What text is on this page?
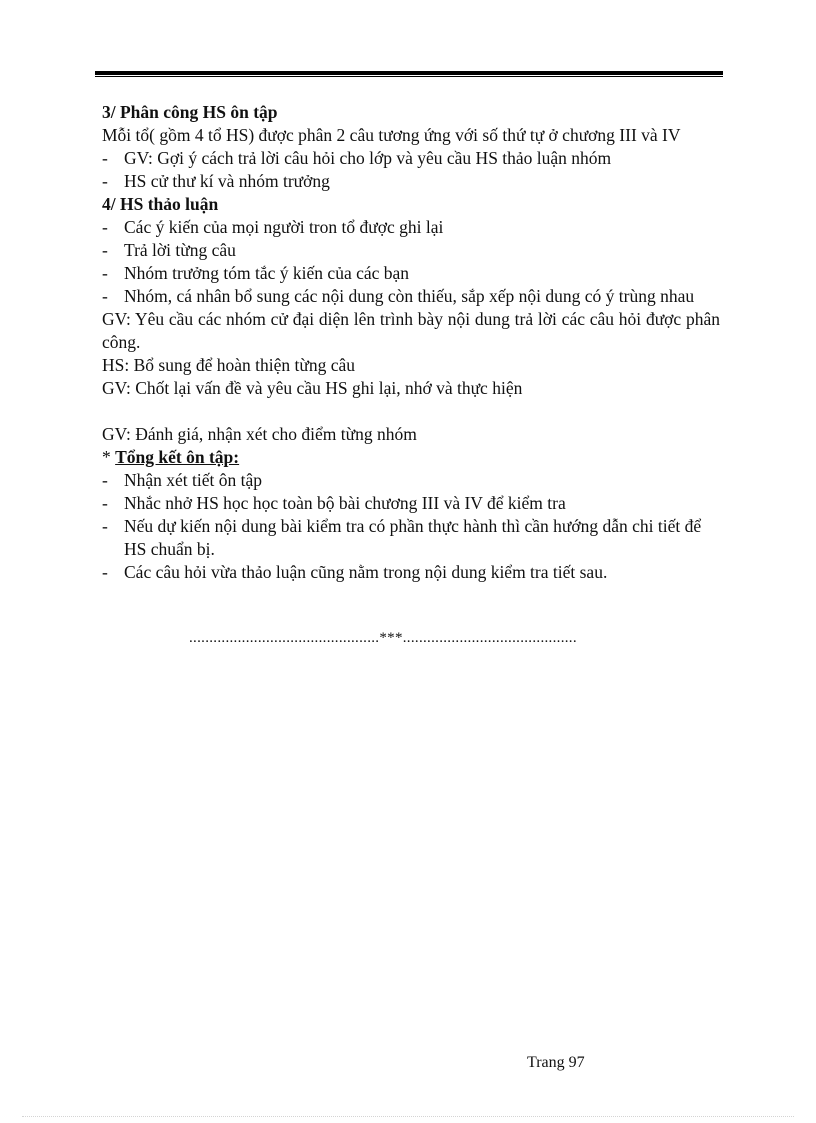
3/ Phân công HS ôn tập
Mỗi tổ( gồm 4 tổ HS) được phân 2 câu tương ứng với số thứ tự ở chương III và IV
- GV: Gợi ý cách trả lời câu hỏi cho lớp và yêu cầu HS thảo luận nhóm
- HS cử thư kí và nhóm trưởng
4/ HS thảo luận
- Các ý kiến của mọi người tron tổ được ghi lại
- Trả lời từng câu
- Nhóm trưởng tóm tắc ý kiến của các bạn
- Nhóm, cá nhân bổ sung các nội dung còn thiếu, sắp xếp nội dung có ý trùng nhau
GV: Yêu cầu các nhóm cử đại diện lên trình bày nội dung trả lời các câu hỏi được phân công.
HS: Bổ sung để hoàn thiện từng câu
GV: Chốt lại vấn đề và yêu cầu HS ghi lại, nhớ và thực hiện
GV: Đánh giá, nhận xét cho điểm từng nhóm
* Tổng kết ôn tập:
- Nhận xét tiết ôn tập
- Nhắc nhở HS học học toàn bộ bài chương III và IV để kiểm tra
- Nếu dự kiến nội dung bài kiểm tra có phần thực hành thì cần hướng dẫn chi tiết để HS chuẩn bị.
- Các câu hỏi vừa thảo luận cũng nằm trong nội dung kiểm tra tiết sau.
...............................................***...........................................
Trang 97
